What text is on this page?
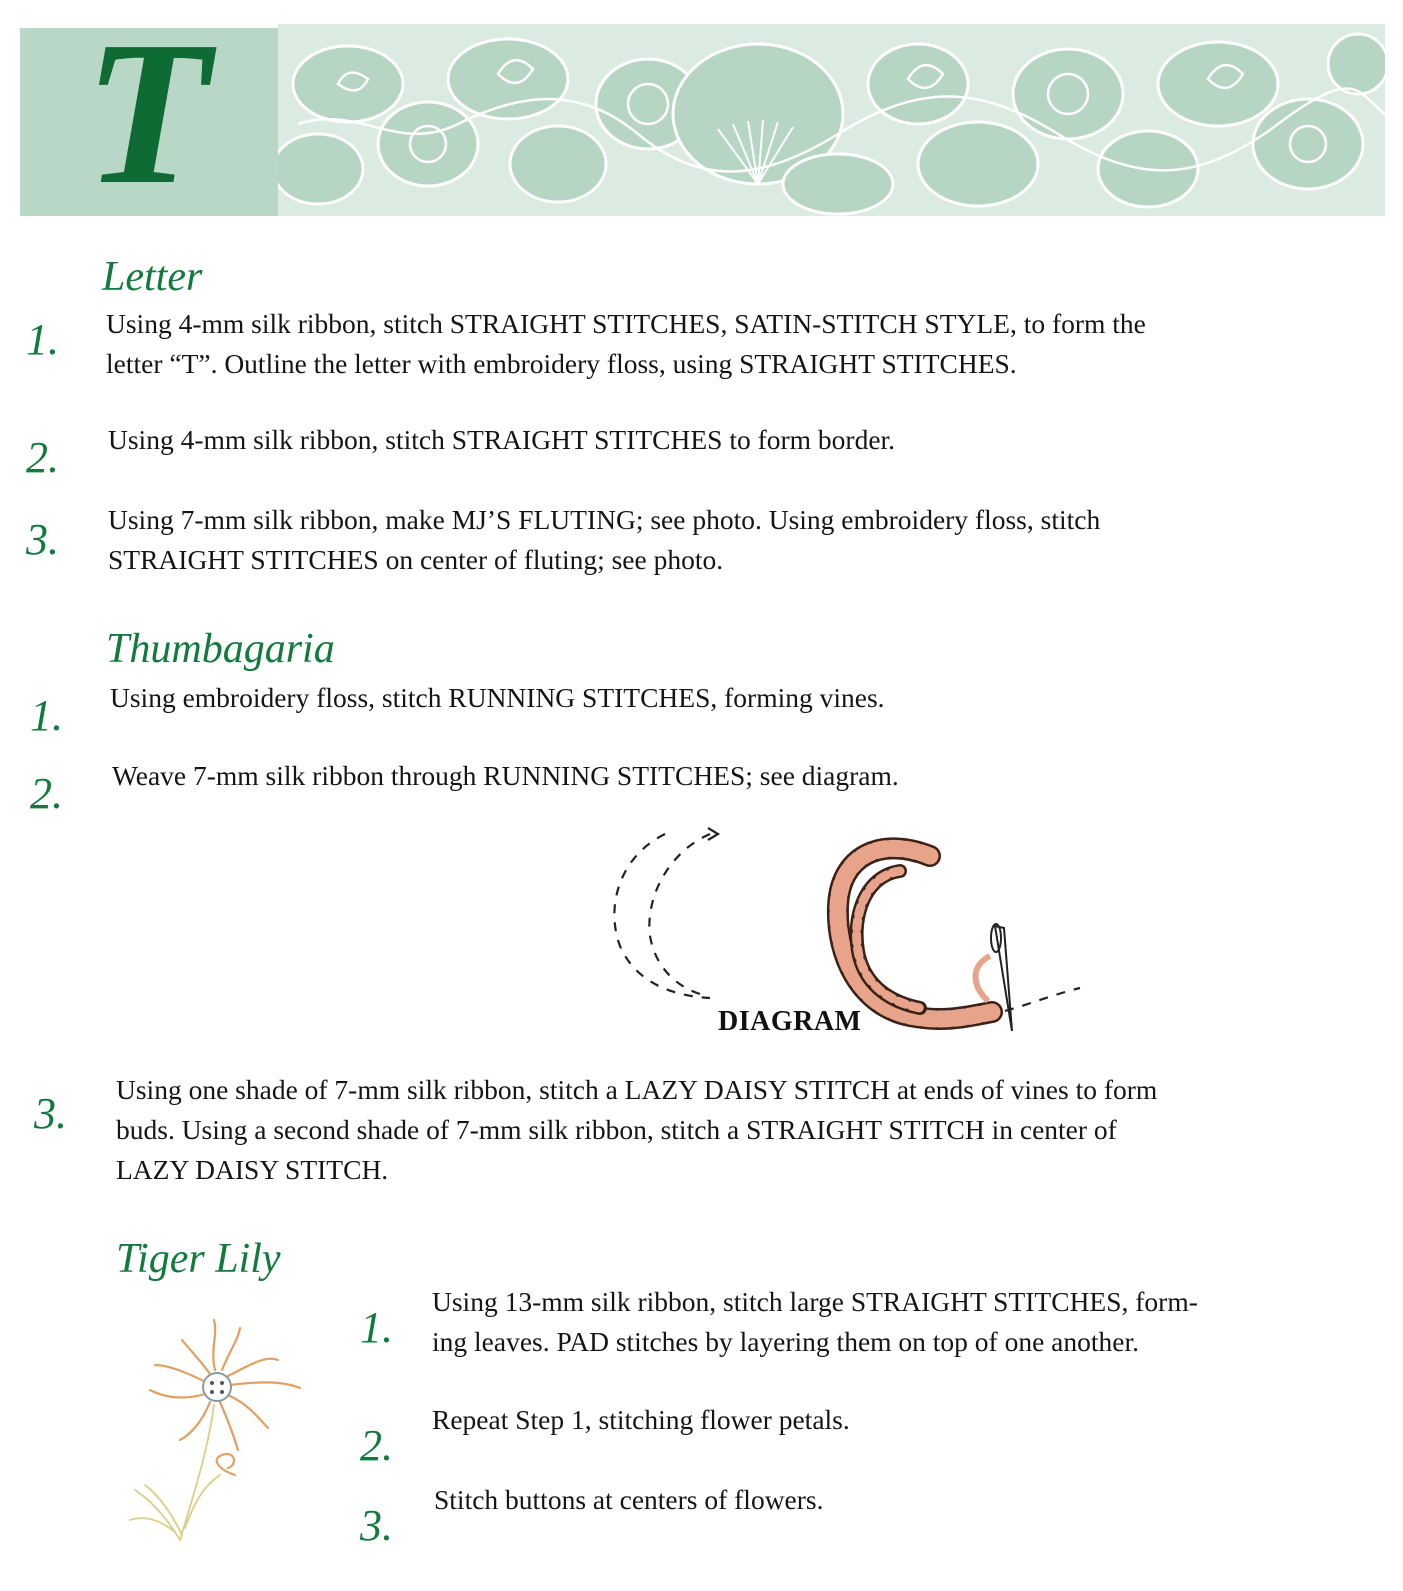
T
Letter
1. Using 4-mm silk ribbon, stitch STRAIGHT STITCHES, SATIN-STITCH STYLE, to form the
letter “T”. Outline the letter with embroidery floss, using STRAIGHT STITCHES.
2. Using 4-mm silk ribbon, stitch STRAIGHT STITCHES to form border.
3. Using 7-mm silk ribbon, make MJ’S FLUTING; see photo. Using embroidery floss, stitch
STRAIGHT STITCHES on center of fluting; see photo.
Thumbagaria
1. Using embroidery floss, stitch RUNNING STITCHES, forming vines.
2. Weave 7-mm silk ribbon through RUNNING STITCHES; see diagram.
DIAGRAM
3. Using one shade of 7-mm silk ribbon, stitch a LAZY DAISY STITCH at ends of vines to form
buds. Using a second shade of 7-mm silk ribbon, stitch a STRAIGHT STITCH in center of
LAZY DAISY STITCH.
Tiger Lily
1.
Using 13-mm silk ribbon, stitch large STRAIGHT STITCHES, form-
ing leaves. PAD stitches by layering them on top of one another.
2.
Repeat Step 1, stitching flower petals.
3.
Stitch buttons at centers of flowers.
